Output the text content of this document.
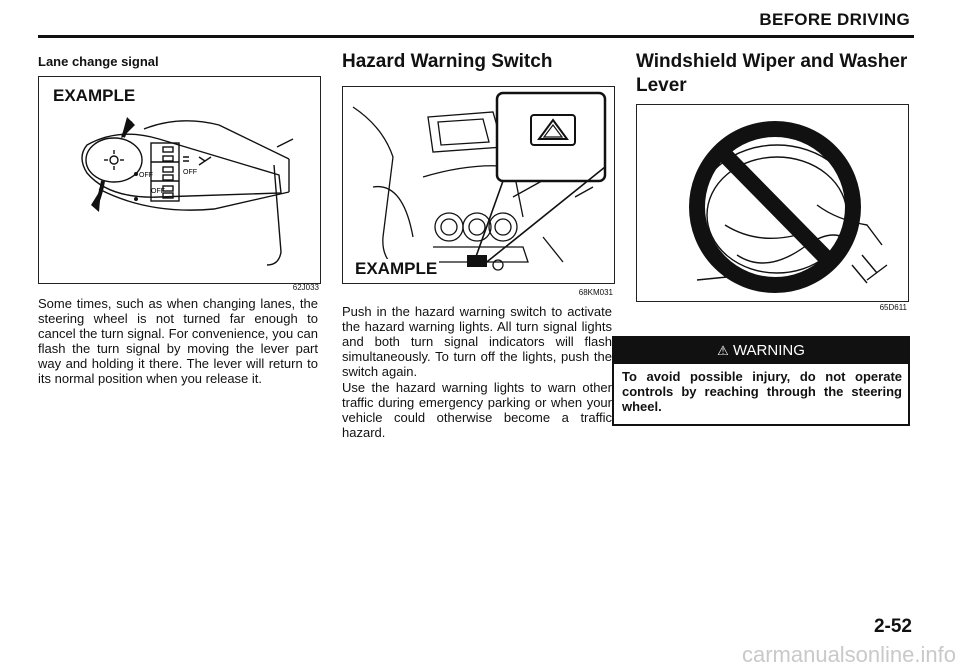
BEFORE DRIVING
Lane change signal
EXAMPLE
OFF
OFF
OFF
62J033
Some times, such as when changing lanes, the steering wheel is not turned far enough to cancel the turn signal. For convenience, you can flash the turn signal by moving the lever part way and holding it there. The lever will return to its normal position when you release it.
Hazard Warning Switch
EXAMPLE
68KM031
Push in the hazard warning switch to activate the hazard warning lights. All turn signal lights and both turn signal indicators will flash simultaneously. To turn off the lights, push the switch again.
Use the hazard warning lights to warn other traffic during emergency parking or when your vehicle could otherwise become a traffic hazard.
Windshield Wiper and Washer Lever
65D611
⚠ WARNING
To avoid possible injury, do not operate controls by reaching through the steering wheel.
2-52
carmanualsonline.info
